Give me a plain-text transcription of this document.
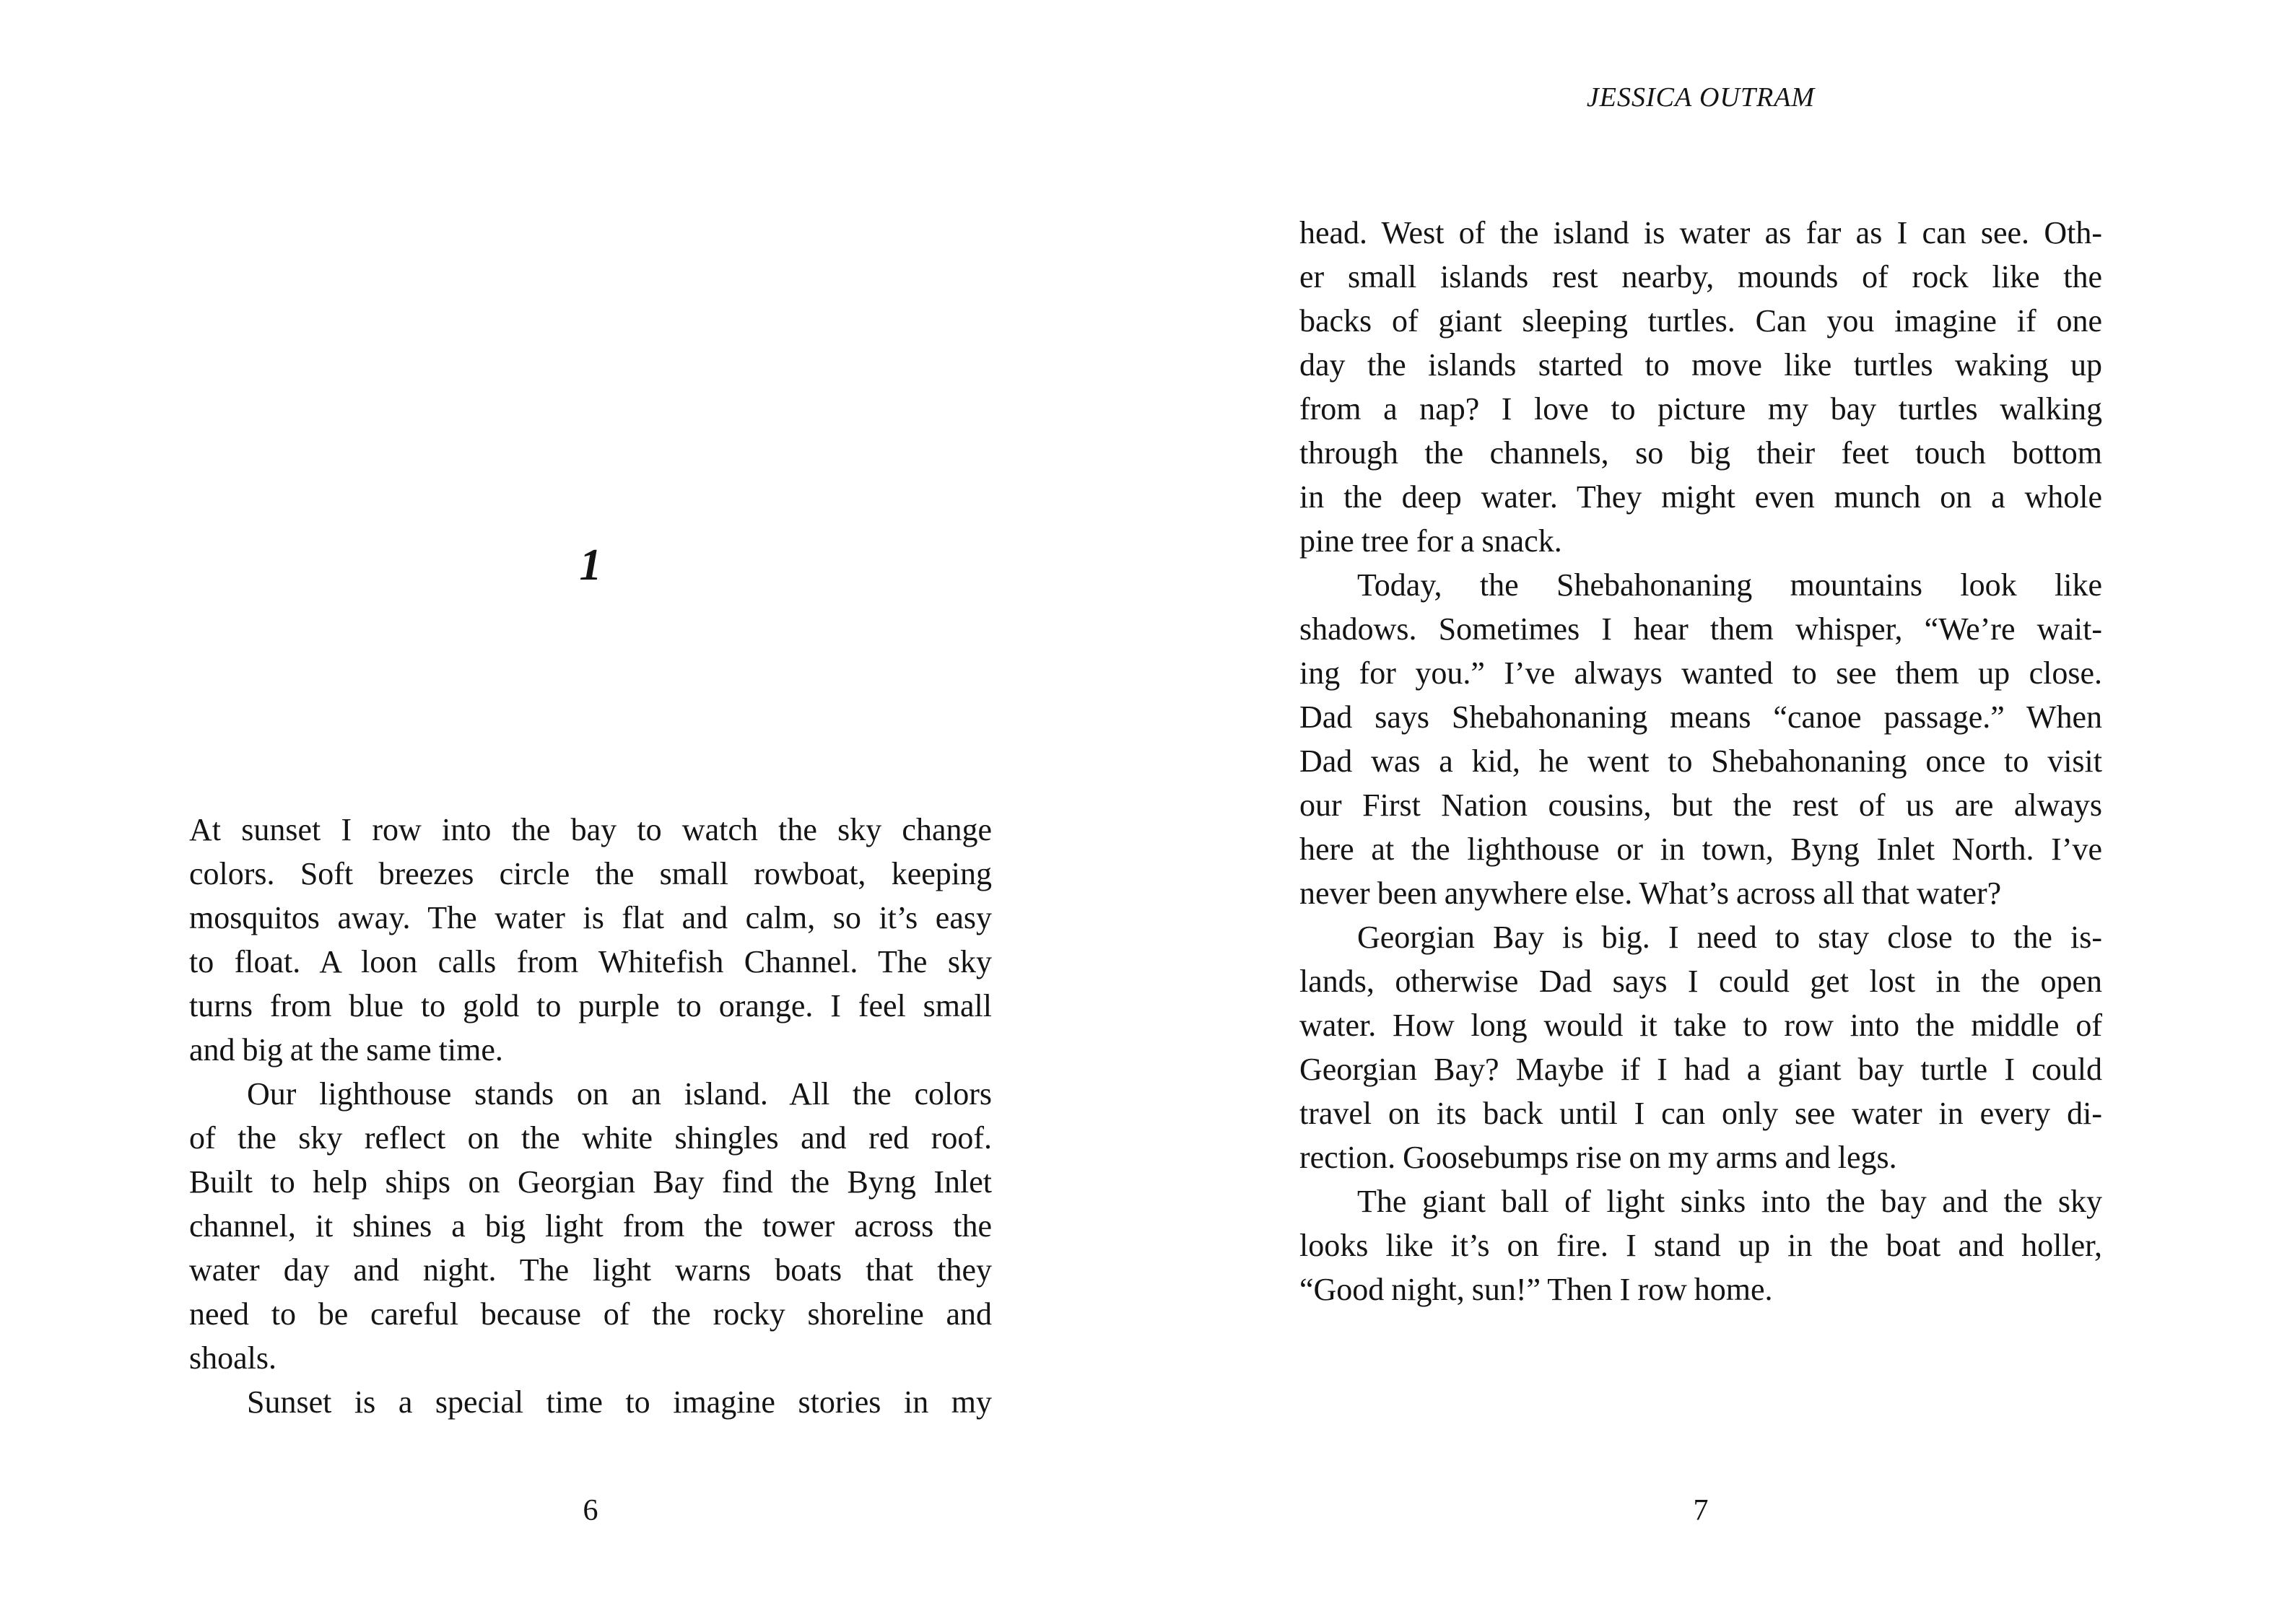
1
At sunset I row into the bay to watch the sky change
colors. Soft breezes circle the small rowboat, keeping
mosquitos away. The water is flat and calm, so it’s easy
to float. A loon calls from Whitefish Channel. The sky
turns from blue to gold to purple to orange. I feel small
and big at the same time.
Our lighthouse stands on an island. All the colors
of the sky reflect on the white shingles and red roof.
Built to help ships on Georgian Bay find the Byng Inlet
channel, it shines a big light from the tower across the
water day and night. The light warns boats that they
need to be careful because of the rocky shoreline and
shoals.
Sunset is a special time to imagine stories in my
6
JESSICA OUTRAM
head. West of the island is water as far as I can see. Oth-
er small islands rest nearby, mounds of rock like the
backs of giant sleeping turtles. Can you imagine if one
day the islands started to move like turtles waking up
from a nap? I love to picture my bay turtles walking
through the channels, so big their feet touch bottom
in the deep water. They might even munch on a whole
pine tree for a snack.
Today, the Shebahonaning mountains look like
shadows. Sometimes I hear them whisper, “We’re wait-
ing for you.” I’ve always wanted to see them up close.
Dad says Shebahonaning means “canoe passage.” When
Dad was a kid, he went to Shebahonaning once to visit
our First Nation cousins, but the rest of us are always
here at the lighthouse or in town, Byng Inlet North. I’ve
never been anywhere else. What’s across all that water?
Georgian Bay is big. I need to stay close to the is-
lands, otherwise Dad says I could get lost in the open
water. How long would it take to row into the middle of
Georgian Bay? Maybe if I had a giant bay turtle I could
travel on its back until I can only see water in every di-
rection. Goosebumps rise on my arms and legs.
The giant ball of light sinks into the bay and the sky
looks like it’s on fire. I stand up in the boat and holler,
“Good night, sun!” Then I row home.
7
